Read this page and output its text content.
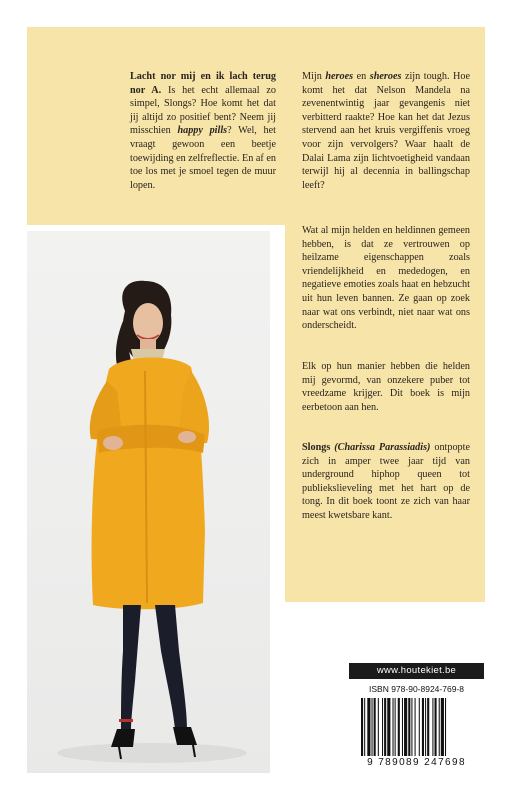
Lacht nor mij en ik lach terug nor A. Is het echt allemaal zo simpel, Slongs? Hoe komt het dat jij altijd zo positief bent? Neem jij misschien happy pills? Wel, het vraagt gewoon een beetje toewijding en zelfreflectie. En af en toe los met je smoel tegen de muur lopen.

Mijn heroes en sheroes zijn tough. Hoe komt het dat Nelson Mandela na zevenentwintig jaar gevangenis niet verbitterd raakte? Hoe kan het dat Jezus stervend aan het kruis vergiffenis vroeg voor zijn vervolgers? Waar haalt de Dalai Lama zijn lichtvoetigheid vandaan terwijl hij al decennia in ballingschap leeft?

Wat al mijn helden en heldinnen gemeen hebben, is dat ze vertrouwen op heilzame eigenschappen zoals vriendelijkheid en mededogen, en negatieve emoties zoals haat en hebzucht uit hun leven bannen. Ze gaan op zoek naar wat ons verbindt, niet naar wat ons onderscheidt.

Elk op hun manier hebben die helden mij gevormd, van onzekere puber tot vreedzame krijger. Dit boek is mijn eerbetoon aan hen.

Slongs (Charissa Parassiadis) ontpopte zich in amper twee jaar tijd van underground hiphop queen tot publiekslieveling met het hart op de tong. In dit boek toont ze zich van haar meest kwetsbare kant.

www.houtekiet.be
ISBN 978-90-8924-769-8
9 789089 247698
